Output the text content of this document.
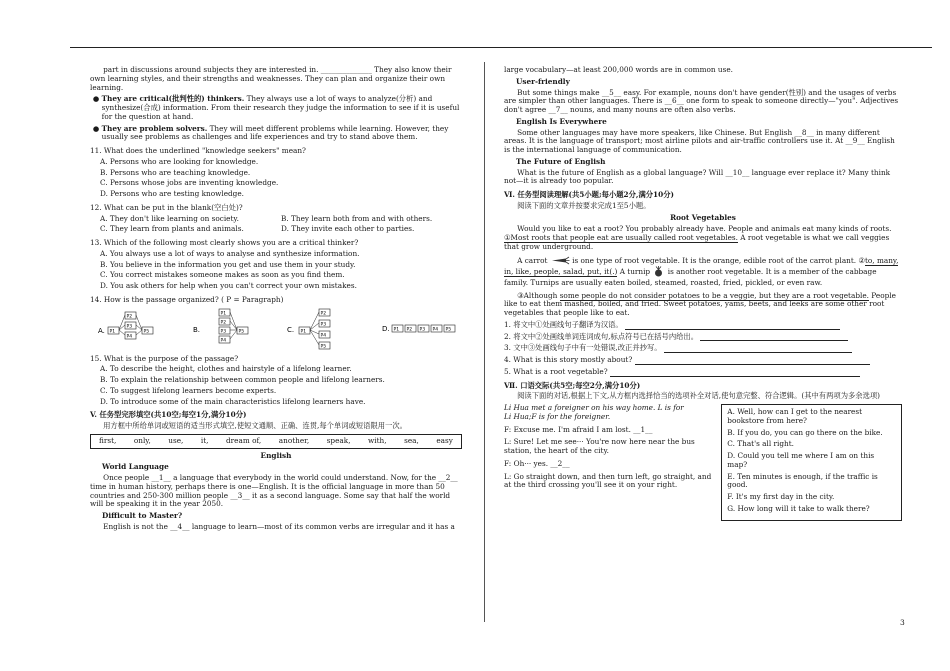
part in discussions around subjects they are interested in. ______________ They also know their own learning styles, and their strengths and weaknesses. They can plan and organize their own learning.

● They are critical(批判性的) thinkers. They always use a lot of ways to analyze(分析) and synthesize(合成) information. From their research they judge the information to see if it is useful for the question at hand.

● They are problem solvers. They will meet different problems while learning. However, they usually see problems as challenges and life experiences and try to stand above them.

11. What does the underlined "knowledge seekers" mean?

A. Persons who are looking for knowledge.

B. Persons who are teaching knowledge.

C. Persons whose jobs are inventing knowledge.

D. Persons who are testing knowledge.

12. What can be put in the blank(空白处)?

A. They don't like learning on society.	B. They learn both from and with others.
C. They learn from plants and animals.	D. They invite each other to parties.

13. Which of the following most clearly shows you are a critical thinker?

A. You always use a lot of ways to analyse and synthesize information.

B. You believe in the information you get and use them in your study.

C. You correct mistakes someone makes as soon as you find them.

D. You ask others for help when you can't correct your own mistakes.

14. How is the passage organized? ( P = Paragraph)

A. P1
P2
P3
P4
P5	B.
P1
P2
P3
P4
P5	C. P1
P2
P3
P4
P5
D. P1 P2 P3 P4 P5

15. What is the purpose of the passage?

A. To describe the height, clothes and hairstyle of a lifelong learner.

B. To explain the relationship between common people and lifelong learners.

C. To suggest lifelong learners become experts.

D. To introduce some of the main characteristics lifelong learners have.

V. 任务型完形填空(共10空;每空1分,满分10分)

用方框中所给单词或短语的适当形式填空,使短文通顺、正确、连贯,每个单词或短语限用一次。

first, only, use, it, dream of, another, speak, with, sea, easy

English

World Language

Once people __1__ a language that everybody in the world could understand. Now, for the __2__ time in human history, perhaps there is one—English. It is the official language in more than 50 countries and 250-300 million people __3__ it as a second language. Some say that half the world will be speaking it in the year 2050.

Difficult to Master?

English is not the __4__ language to learn—most of its common verbs are irregular and it has a

large vocabulary—at least 200,000 words are in common use.

User-friendly

But some things make __5__ easy. For example, nouns don't have gender(性别) and the usages of verbs are simpler than other languages. There is __6__ one form to speak to someone directly—"you". Adjectives don't agree __7__ nouns, and many nouns are often also verbs.

English Is Everywhere

Some other languages may have more speakers, like Chinese. But English __8__ in many different areas. It is the language of transport; most airline pilots and air-traffic controllers use it. At __9__ English is the international language of communication.

The Future of English

What is the future of English as a global language? Will __10__ language ever replace it? Many think not—it is already too popular.

Ⅵ. 任务型阅读理解(共5小题;每小题2分,满分10分)

阅读下面的文章并按要求完成1至5小题。

Root Vegetables

Would you like to eat a root? You probably already have. People and animals eat many kinds of roots. ①Most roots that people eat are usually called root vegetables. A root vegetable is what we call veggies that grow underground.

A carrot	is one type of root vegetable. It is the orange, edible root of the carrot plant. ②to, many, in, like, people, salad, put, it(.) A turnip  is another root vegetable. It is a member of the cabbage family. Turnips are usually eaten boiled, steamed, roasted, fried, pickled, or even raw.

③Although some people do not consider potatoes to be a veggie, but they are a root vegetable. People like to eat them mashed, boiled, and fried. Sweet potatoes, yams, beets, and leeks are some other root vegetables that people like to eat.

1. 将文中①处画线句子翻译为汉语。

2. 将文中②处画线单词连词成句,标点符号已在括号内给出。

3. 文中③处画线句子中有一处错误,改正并抄写。

4. What is this story mostly about?

5. What is a root vegetable?

Ⅶ. 口语交际(共5空;每空2分,满分10分)

阅读下面的对话,根据上下文,从方框内选择恰当的选项补全对话,使句意完整、符合逻辑。(其中有两项为多余选项)

Li Hua met a foreigner on his way home. L is for

Li Hua;F is for the foreigner.

F: Excuse me. I'm afraid I am lost. __1__

L: Sure! Let me see··· You're now here near the bus station, the heart of the city.

F: Oh··· yes. __2__

L: Go straight down, and then turn left, go straight, and at the third crossing you'll see it on your right.

A. Well, how can I get to the nearest bookstore from here?

B. If you do, you can go there on the bike.

C. That's all right.

D. Could you tell me where I am on this map?

E. Ten minutes is enough, if the traffic is good.

F. It's my first day in the city.

G. How long will it take to walk there?

3
